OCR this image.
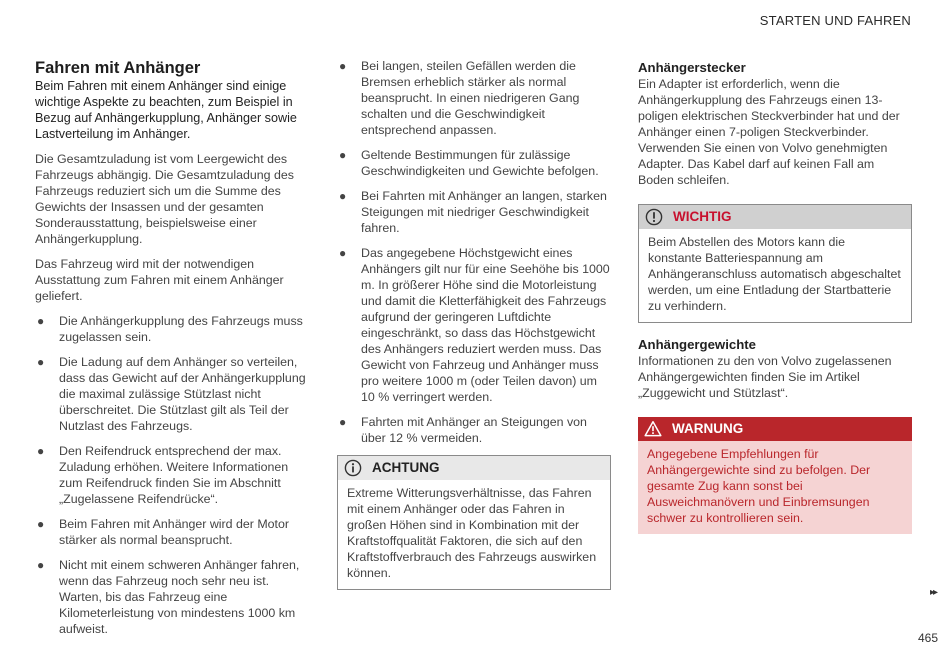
STARTEN UND FAHREN
Fahren mit Anhänger

Beim Fahren mit einem Anhänger sind einige wichtige Aspekte zu beachten, zum Beispiel in Bezug auf Anhängerkupplung, Anhänger sowie Lastverteilung im Anhänger.

Die Gesamtzuladung ist vom Leergewicht des Fahrzeugs abhängig. Die Gesamtzuladung des Fahrzeugs reduziert sich um die Summe des Gewichts der Insassen und der gesamten Sonderausstattung, beispielsweise einer Anhängerkupplung.

Das Fahrzeug wird mit der notwendigen Ausstattung zum Fahren mit einem Anhänger geliefert.

● Die Anhängerkupplung des Fahrzeugs muss zugelassen sein.
● Die Ladung auf dem Anhänger so verteilen, dass das Gewicht auf der Anhängerkupplung die maximal zulässige Stützlast nicht überschreitet. Die Stützlast gilt als Teil der Nutzlast des Fahrzeugs.
● Den Reifendruck entsprechend der max. Zuladung erhöhen. Weitere Informationen zum Reifendruck finden Sie im Abschnitt „Zugelassene Reifendrücke“.
● Beim Fahren mit Anhänger wird der Motor stärker als normal beansprucht.
● Nicht mit einem schweren Anhänger fahren, wenn das Fahrzeug noch sehr neu ist. Warten, bis das Fahrzeug eine Kilometerleistung von mindestens 1000 km aufweist.
● Bei langen, steilen Gefällen werden die Bremsen erheblich stärker als normal beansprucht. In einen niedrigeren Gang schalten und die Geschwindigkeit entsprechend anpassen.
● Geltende Bestimmungen für zulässige Geschwindigkeiten und Gewichte befolgen.
● Bei Fahrten mit Anhänger an langen, starken Steigungen mit niedriger Geschwindigkeit fahren.
● Das angegebene Höchstgewicht eines Anhängers gilt nur für eine Seehöhe bis 1000 m. In größerer Höhe sind die Motorleistung und damit die Kletterfähigkeit des Fahrzeugs aufgrund der geringeren Luftdichte eingeschränkt, so dass das Höchstgewicht des Anhängers reduziert werden muss. Das Gewicht von Fahrzeug und Anhänger muss pro weitere 1000 m (oder Teilen davon) um 10 % verringert werden.
● Fahrten mit Anhänger an Steigungen von über 12 % vermeiden.
ACHTUNG
Extreme Witterungsverhältnisse, das Fahren mit einem Anhänger oder das Fahren in großen Höhen sind in Kombination mit der Kraftstoffqualität Faktoren, die sich auf den Kraftstoffverbrauch des Fahrzeugs auswirken können.
Anhängerstecker

Ein Adapter ist erforderlich, wenn die Anhängerkupplung des Fahrzeugs einen 13-poligen elektrischen Steckverbinder hat und der Anhänger einen 7-poligen Steckverbinder. Verwenden Sie einen von Volvo genehmigten Adapter. Das Kabel darf auf keinen Fall am Boden schleifen.

WICHTIG
Beim Abstellen des Motors kann die konstante Batteriespannung am Anhängeranschluss automatisch abgeschaltet werden, um eine Entladung der Startbatterie zu verhindern.
Anhängergewichte

Informationen zu den von Volvo zugelassenen Anhängergewichten finden Sie im Artikel „Zuggewicht und Stützlast“.

WARNUNG
Angegebene Empfehlungen für Anhängergewichte sind zu befolgen. Der gesamte Zug kann sonst bei Ausweichmanövern und Einbremsungen schwer zu kontrollieren sein.
▸▸
465
